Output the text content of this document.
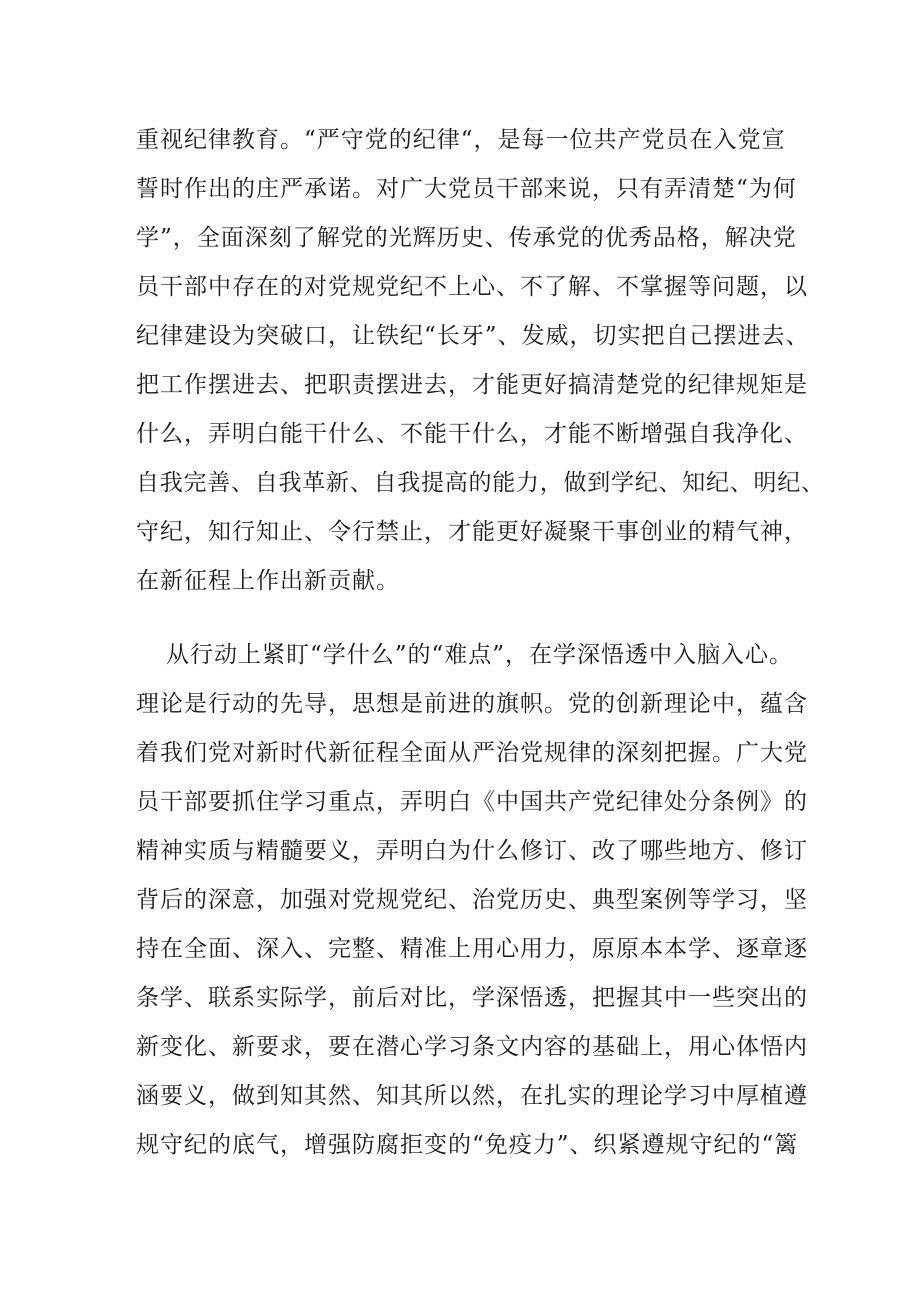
重视纪律教育。“严守党的纪律“，是每一位共产党员在入党宣
誓时作出的庄严承诺。对广大党员干部来说，只有弄清楚“为何
学”，全面深刻了解党的光辉历史、传承党的优秀品格，解决党
员干部中存在的对党规党纪不上心、不了解、不掌握等问题，以
纪律建设为突破口，让铁纪“长牙”、发威，切实把自己摆进去、
把工作摆进去、把职责摆进去，才能更好搞清楚党的纪律规矩是
什么，弄明白能干什么、不能干什么，才能不断增强自我净化、
自我完善、自我革新、自我提高的能力，做到学纪、知纪、明纪、
守纪，知行知止、令行禁止，才能更好凝聚干事创业的精气神，
在新征程上作出新贡献。
从行动上紧盯“学什么”的“难点”，在学深悟透中入脑入心。
理论是行动的先导，思想是前进的旗帜。党的创新理论中，蕴含
着我们党对新时代新征程全面从严治党规律的深刻把握。广大党
员干部要抓住学习重点，弄明白《中国共产党纪律处分条例》的
精神实质与精髓要义，弄明白为什么修订、改了哪些地方、修订
背后的深意，加强对党规党纪、治党历史、典型案例等学习，坚
持在全面、深入、完整、精准上用心用力，原原本本学、逐章逐
条学、联系实际学，前后对比，学深悟透，把握其中一些突出的
新变化、新要求，要在潜心学习条文内容的基础上，用心体悟内
涵要义，做到知其然、知其所以然，在扎实的理论学习中厚植遵
规守纪的底气，增强防腐拒变的“免疫力”、织紧遵规守纪的“篱
